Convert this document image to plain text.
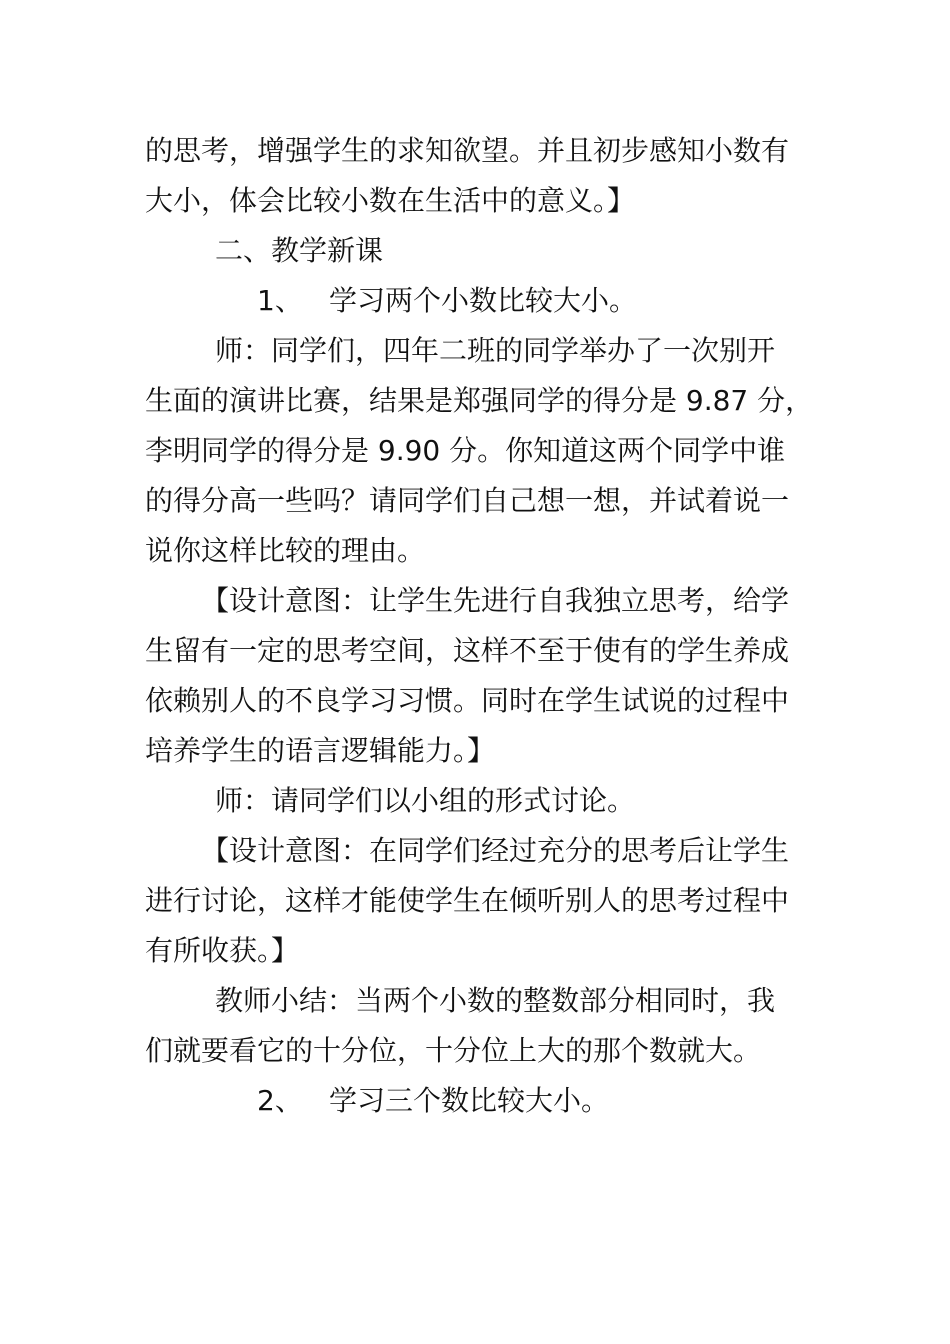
的思考，增强学生的求知欲望。并且初步感知小数有
大小，体会比较小数在生活中的意义。】
二、教学新课
1、 学习两个小数比较大小。
师：同学们，四年二班的同学举办了一次别开
生面的演讲比赛，结果是郑强同学的得分是 9.87 分，
李明同学的得分是 9.90 分。你知道这两个同学中谁
的得分高一些吗？请同学们自己想一想，并试着说一
说你这样比较的理由。
【设计意图：让学生先进行自我独立思考，给学
生留有一定的思考空间，这样不至于使有的学生养成
依赖别人的不良学习习惯。同时在学生试说的过程中
培养学生的语言逻辑能力。】
师：请同学们以小组的形式讨论。
【设计意图：在同学们经过充分的思考后让学生
进行讨论，这样才能使学生在倾听别人的思考过程中
有所收获。】
教师小结：当两个小数的整数部分相同时，我
们就要看它的十分位，十分位上大的那个数就大。
2、 学习三个数比较大小。
